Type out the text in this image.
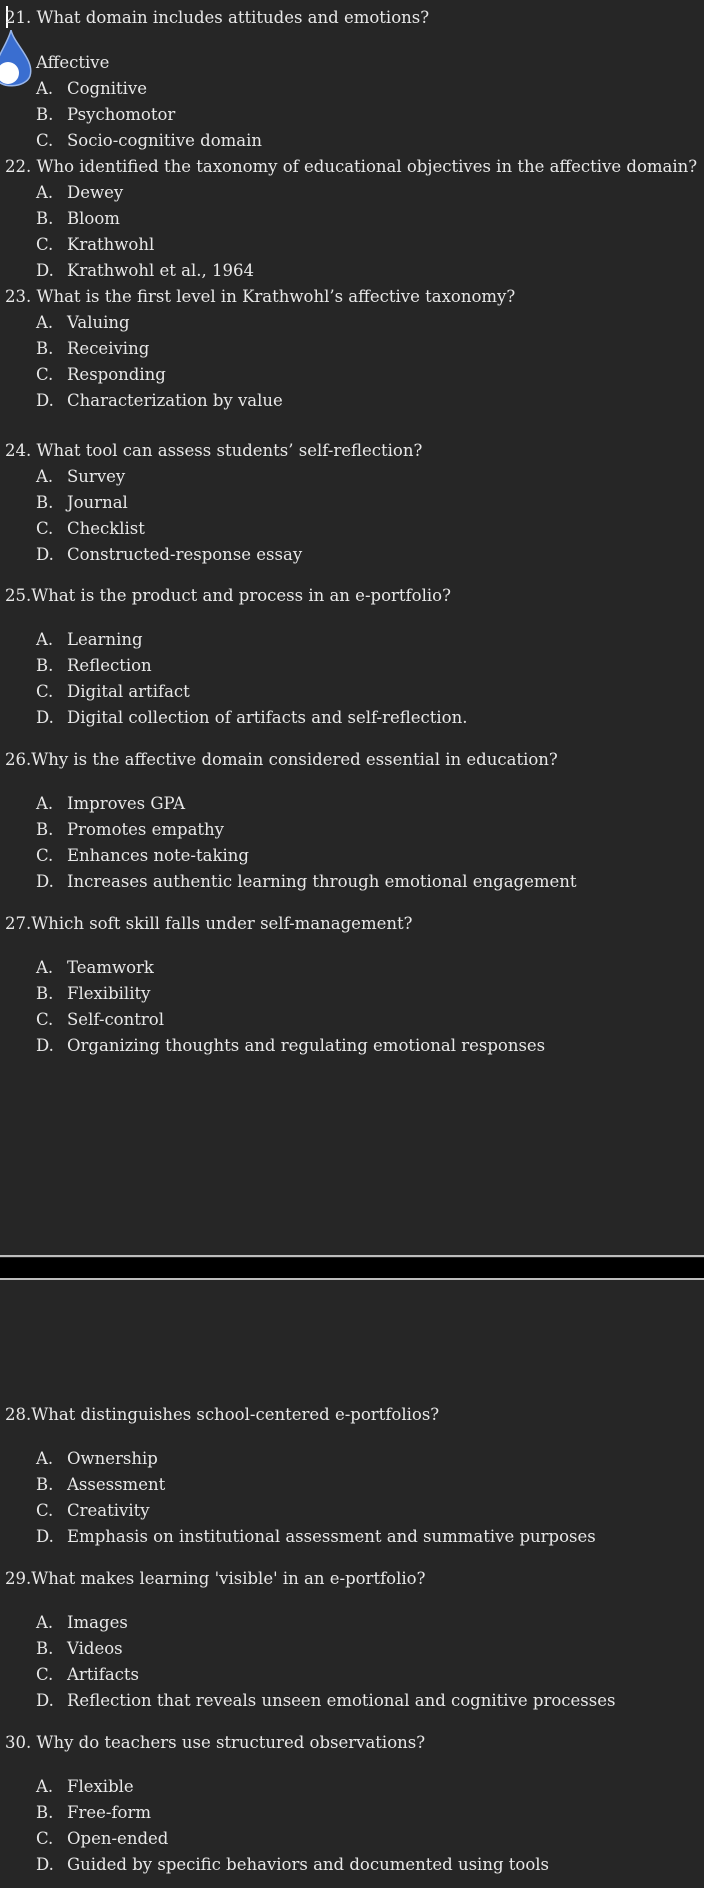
21. What domain includes attitudes and emotions?
Affective
A. Cognitive
B. Psychomotor
C. Socio-cognitive domain
22. Who identified the taxonomy of educational objectives in the affective domain?
A. Dewey
B. Bloom
C. Krathwohl
D. Krathwohl et al., 1964
23. What is the first level in Krathwohl’s affective taxonomy?
A. Valuing
B. Receiving
C. Responding
D. Characterization by value
24. What tool can assess students’ self-reflection?
A. Survey
B. Journal
C. Checklist
D. Constructed-response essay
25.What is the product and process in an e-portfolio?
A. Learning
B. Reflection
C. Digital artifact
D. Digital collection of artifacts and self-reflection.
26.Why is the affective domain considered essential in education?
A. Improves GPA
B. Promotes empathy
C. Enhances note-taking
D. Increases authentic learning through emotional engagement
27.Which soft skill falls under self-management?
A. Teamwork
B. Flexibility
C. Self-control
D. Organizing thoughts and regulating emotional responses
28.What distinguishes school-centered e-portfolios?
A. Ownership
B. Assessment
C. Creativity
D. Emphasis on institutional assessment and summative purposes
29.What makes learning 'visible' in an e-portfolio?
A. Images
B. Videos
C. Artifacts
D. Reflection that reveals unseen emotional and cognitive processes
30. Why do teachers use structured observations?
A. Flexible
B. Free-form
C. Open-ended
D. Guided by specific behaviors and documented using tools
